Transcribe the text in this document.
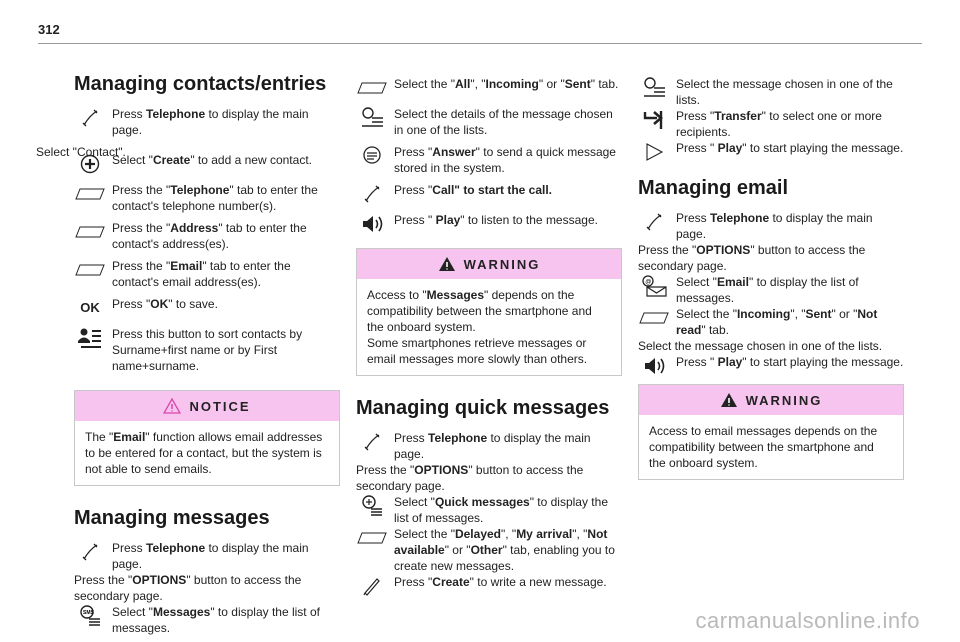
312
Managing contacts/entries
Press Telephone to display the main page.

Select "Contact".

Select "Create" to add a new contact.
Press the "Telephone" tab to enter the contact's telephone number(s).
Press the "Address" tab to enter the contact's address(es).
Press the "Email" tab to enter the contact's email address(es).
OK Press "OK" to save.
Press this button to sort contacts by Surname+first name or by First name+surname.
NOTICE
The "Email" function allows email addresses to be entered for a contact, but the system is not able to send emails.
Managing messages
Press Telephone to display the main page.

Press the "OPTIONS" button to access the secondary page.

SMS Select "Messages" to display the list of messages.
Select the "All", "Incoming" or "Sent" tab.
Select the details of the message chosen in one of the lists.
Press "Answer" to send a quick message stored in the system.
Press "Call" to start the call.
Press " Play" to listen to the message.
WARNING
Access to "Messages" depends on the compatibility between the smartphone and the onboard system.
Some smartphones retrieve messages or email messages more slowly than others.
Managing quick messages
Press Telephone to display the main page.

Press the "OPTIONS" button to access the secondary page.

Select "Quick messages" to display the list of messages.
Select the "Delayed", "My arrival", "Not available" or "Other" tab, enabling you to create new messages.
Press "Create" to write a new message.
Select the message chosen in one of the lists.
Press "Transfer" to select one or more recipients.
Press " Play" to start playing the message.
Managing email
Press Telephone to display the main page.

Press the "OPTIONS" button to access the secondary page.

@ Select "Email" to display the list of messages.
Select the "Incoming", "Sent" or "Not read" tab.

Select the message chosen in one of the lists.

Press " Play" to start playing the message.
WARNING
Access to email messages depends on the compatibility between the smartphone and the onboard system.
carmanualsonline.info
